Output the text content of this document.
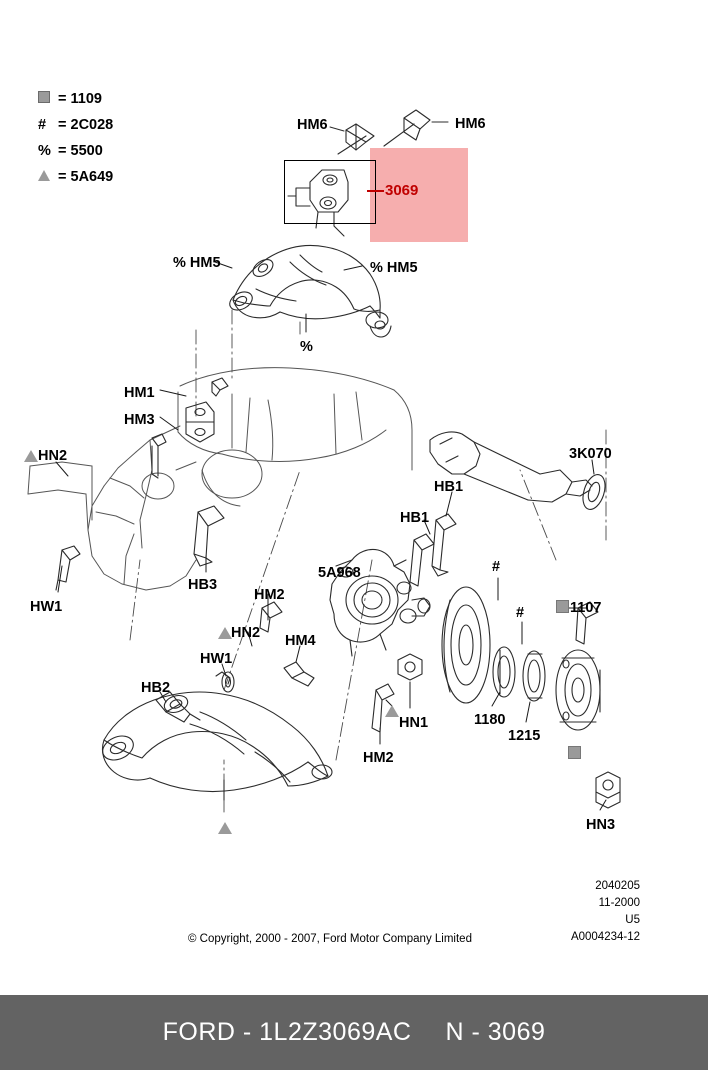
3069
= 1109
# = 2C028
% = 5500
= 5A649
HM6	HM6
% HM5	% HM5
%
HM1
HM3
HN2
HW1
HB3
HM2
HN2
HW1
HM4
HB2
HM2
HN1
5A968
HB1
HB1
3K070
1107
1180
1215
HN3
#
#
© Copyright, 2000 - 2007, Ford Motor Company Limited
2040205
11-2000
U5
A0004234-12
FORD - 1L2Z3069AC N - 3069
